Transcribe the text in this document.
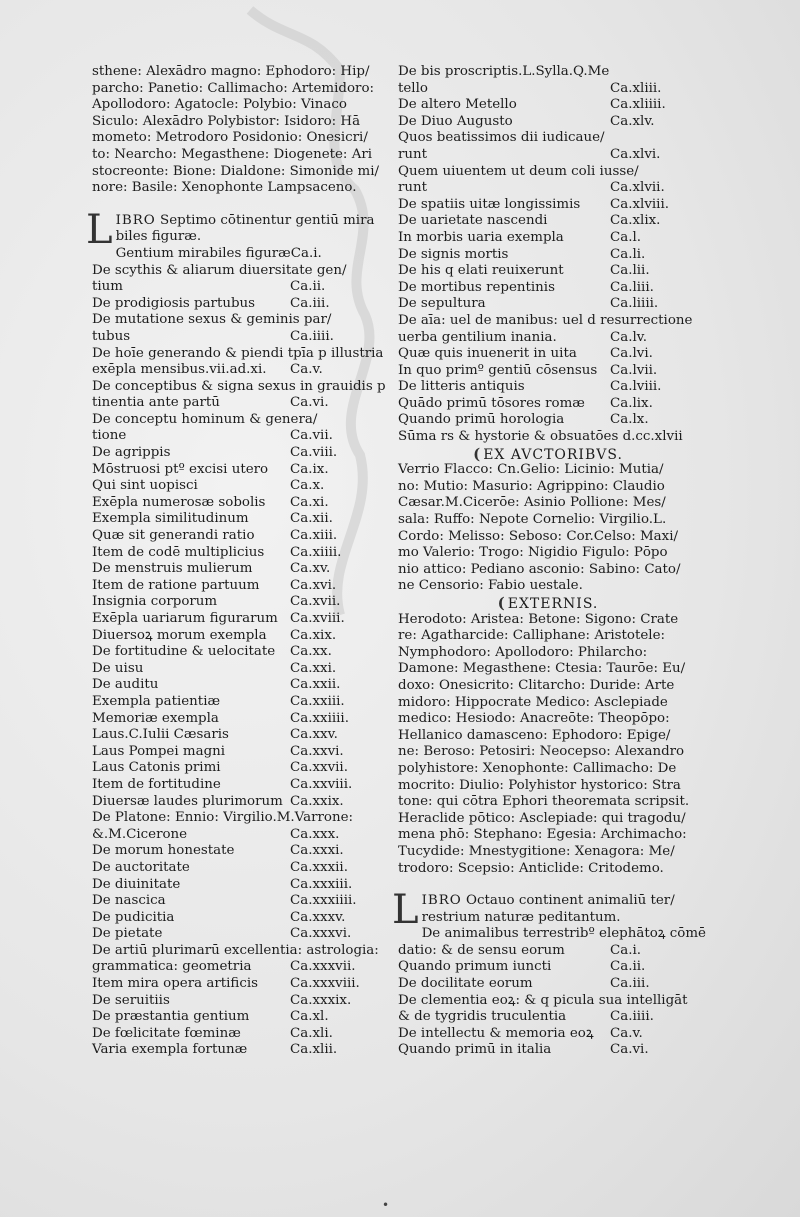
sthene: Alexādro magno: Ephodoro: Hip/
parcho: Panetio: Callimacho: Artemidoro:
Apollodoro: Agatocle: Polybio: Vinaco
Siculo: Alexādro Polybistor: Isidoro: Hā
mometo: Metrodoro Posidonio: Onesicri/
to: Nearcho: Megasthene: Diogenete: Ari
stocreonte: Bione: Dialdone: Simonide mi/
nore: Basile: Xenophonte Lampsaceno.
L IBRO Septimo cōtinentur gentiū mira
biles figuræ.
Gentium mirabiles figuræ Ca.i.
De scythis & aliarum diuersitate gen/
tium	Ca.ii.
De prodigiosis partubus	Ca.iii.
De mutatione sexus & geminis par/
tubus	Ca.iiii.
De hoīe generando & piendi tpīa p illustria
exēpla mensibus.vii.ad.xi. Ca.v.
De conceptibus & signa sexus in grauidis p
tinentia ante partū	Ca.vi.
De conceptu hominum & genera/
tione	Ca.vii.
De agrippis	Ca.viii.
Mōstruosi ptº excisi utero Ca.ix.
Qui sint uopisci	Ca.x.
Exēpla numerosæ sobolis Ca.xi.
Exempla similitudinum	Ca.xii.
Quæ sit generandi ratio	Ca.xiii.
Item de codē multiplicius Ca.xiiii.
De menstruis mulierum	Ca.xv.
Item de ratione partuum Ca.xvi.
Insignia corporum	Ca.xvii.
Exēpla uariarum figurarum Ca.xviii.
Diuersoꝝ morum exempla Ca.xix.
De fortitudine & uelocitate Ca.xx.
De uisu	Ca.xxi.
De auditu	Ca.xxii.
Exempla patientiæ	Ca.xxiii.
Memoriæ exempla	Ca.xxiiii.
Laus.C.Iulii Cæsaris	Ca.xxv.
Laus Pompei magni	Ca.xxvi.
Laus Catonis primi	Ca.xxvii.
Item de fortitudine	Ca.xxviii.
Diuersæ laudes plurimorum Ca.xxix.
De Platone: Ennio: Virgilio.M.Varrone:
&.M.Cicerone	Ca.xxx.
De morum honestate	Ca.xxxi.
De auctoritate	Ca.xxxii.
De diuinitate	Ca.xxxiii.
De nascica	Ca.xxxiiii.
De pudicitia	Ca.xxxv.
De pietate	Ca.xxxvi.
De artiū plurimarū excellentia: astrologia:
grammatica: geometria	Ca.xxxvii.
Item mira opera artificis Ca.xxxviii.
De seruitiis	Ca.xxxix.
De præstantia gentium	Ca.xl.
De fœlicitate fœminæ	Ca.xli.
Varia exempla fortunæ	Ca.xlii.
De bis proscriptis.L.Sylla.Q.Me
tello	Ca.xliii.
De altero Metello	Ca.xliiii.
De Diuo Augusto	Ca.xlv.
Quos beatissimos dii iudicaue/
runt	Ca.xlvi.
Quem uiuentem ut deum coli iusse/
runt	Ca.xlvii.
De spatiis uitæ longissimis Ca.xlviii.
De uarietate nascendi	Ca.xlix.
In morbis uaria exempla	Ca.l.
De signis mortis	Ca.li.
De his q elati reuixerunt	Ca.lii.
De mortibus repentinis	Ca.liii.
De sepultura	Ca.liiii.
De aīa: uel de manibus: uel d resurrectione
uerba gentilium inania.	Ca.lv.
Quæ quis inuenerit in uita Ca.lvi.
In quo primº gentiū cōsensus Ca.lvii.
De litteris antiquis	Ca.lviii.
Quādo primū tōsores romæ Ca.lix.
Quando primū horologia	Ca.lx.
Sūma rs & hystorie & obsuatōes d.cc.xlvii
( EX AVCTORIBVS.
Verrio Flacco: Cn.Gelio: Licinio: Mutia/
no: Mutio: Masurio: Agrippino: Claudio
Cæsar.M.Cicerōe: Asinio Pollione: Mes/
sala: Ruffo: Nepote Cornelio: Virgilio.L.
Cordo: Melisso: Seboso: Cor.Celso: Maxi/
mo Valerio: Trogo: Nigidio Figulo: Pōpo
nio attico: Pediano asconio: Sabino: Cato/
ne Censorio: Fabio uestale.
( EXTERNIS.
Herodoto: Aristea: Betone: Sigono: Crate
re: Agatharcide: Calliphane: Aristotele:
Nymphodoro: Apollodoro: Philarcho:
Damone: Megasthene: Ctesia: Taurōe: Eu/
doxo: Onesicrito: Clitarcho: Duride: Arte
midoro: Hippocrate Medico: Asclepiade
medico: Hesiodo: Anacreōte: Theopōpo:
Hellanico damasceno: Ephodoro: Epige/
ne: Beroso: Petosiri: Neocepso: Alexandro
polyhistore: Xenophonte: Callimacho: De
mocrito: Diulio: Polyhistor hystorico: Stra
tone: qui cōtra Ephori theoremata scripsit.
Heraclide pōtico: Asclepiade: qui tragodu/
mena phō: Stephano: Egesia: Archimacho:
Tucydide: Mnestygitione: Xenagora: Me/
trodoro: Scepsio: Anticlide: Critodemo.
L IBRO Octauo continent animaliū ter/
restrium naturæ peditantum.
De animalibus terrestribº elephātoꝝ cōmē
datio: & de sensu eorum	Ca.i.
Quando primum iuncti	Ca.ii.
De docilitate eorum	Ca.iii.
De clementia eoꝝ: & q picula sua intelligāt
& de tygridis truculentia	Ca.iiii.
De intellectu & memoria eoꝝ Ca.v.
Quando primū in italia	Ca.vi.
•
